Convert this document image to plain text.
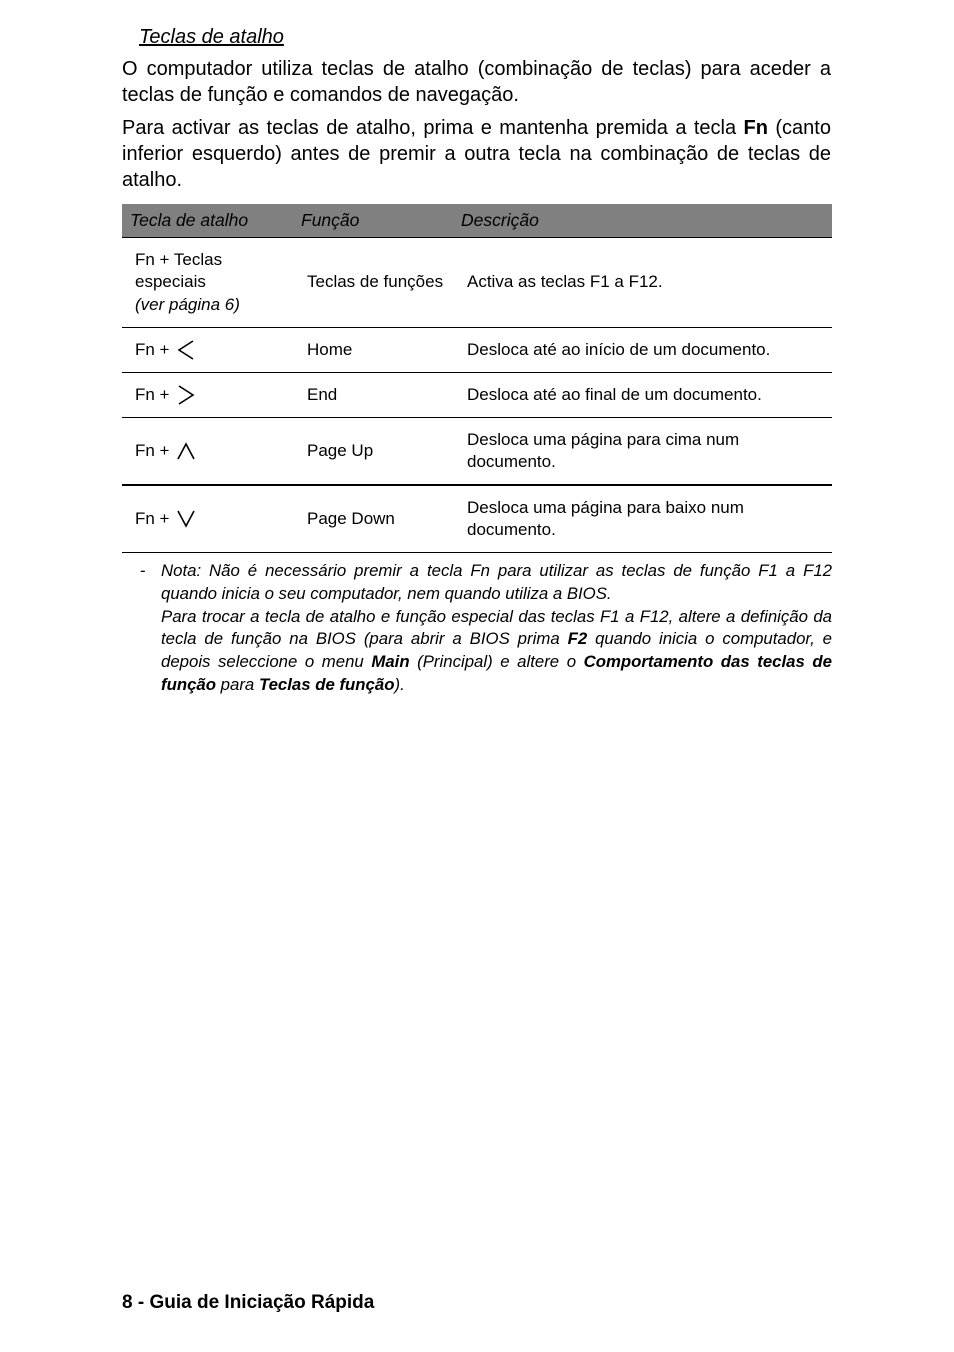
Teclas de atalho

O computador utiliza teclas de atalho (combinação de teclas) para aceder a teclas de função e comandos de navegação.

Para activar as teclas de atalho, prima e mantenha premida a tecla Fn (canto inferior esquerdo) antes de premir a outra tecla na combinação de teclas de atalho.

Tecla de atalho	Função	Descrição

Fn + Teclas
especiais
(ver página 6)	Teclas de funções	Activa as teclas F1 a F12.

Fn +	Home	Desloca até ao início de um documento.

Fn +	End	Desloca até ao final de um documento.

Fn +	Page Up	Desloca uma página para cima num documento.

Fn +	Page Down	Desloca uma página para baixo num documento.
- Nota: Não é necessário premir a tecla Fn para utilizar as teclas de função F1 a F12 quando inicia o seu computador, nem quando utiliza a BIOS.

Para trocar a tecla de atalho e função especial das teclas F1 a F12, altere a definição da tecla de função na BIOS (para abrir a BIOS prima F2 quando inicia o computador, e depois seleccione o menu Main (Principal) e altere o Comportamento das teclas de função para Teclas de função).

8 - Guia de Iniciação Rápida
